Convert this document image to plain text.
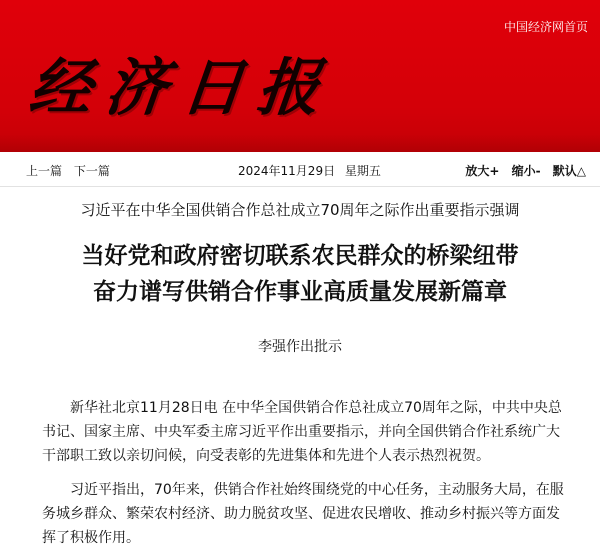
中国经济网首页
经济日报
上一篇 下一篇	2024年11月29日 星期五	放大+ 缩小- 默认△
习近平在中华全国供销合作总社成立70周年之际作出重要指示强调
当好党和政府密切联系农民群众的桥梁纽带
奋力谱写供销合作事业高质量发展新篇章
李强作出批示

新华社北京11月28日电 在中华全国供销合作总社成立70周年之际，中共中央总书记、国家主席、中央军委主席习近平作出重要指示，并向全国供销合作社系统广大干部职工致以亲切问候，向受表彰的先进集体和先进个人表示热烈祝贺。

习近平指出，70年来，供销合作社始终围绕党的中心任务，主动服务大局，在服务城乡群众、繁荣农村经济、助力脱贫攻坚、促进农民增收、推动乡村振兴等方面发挥了积极作用。
